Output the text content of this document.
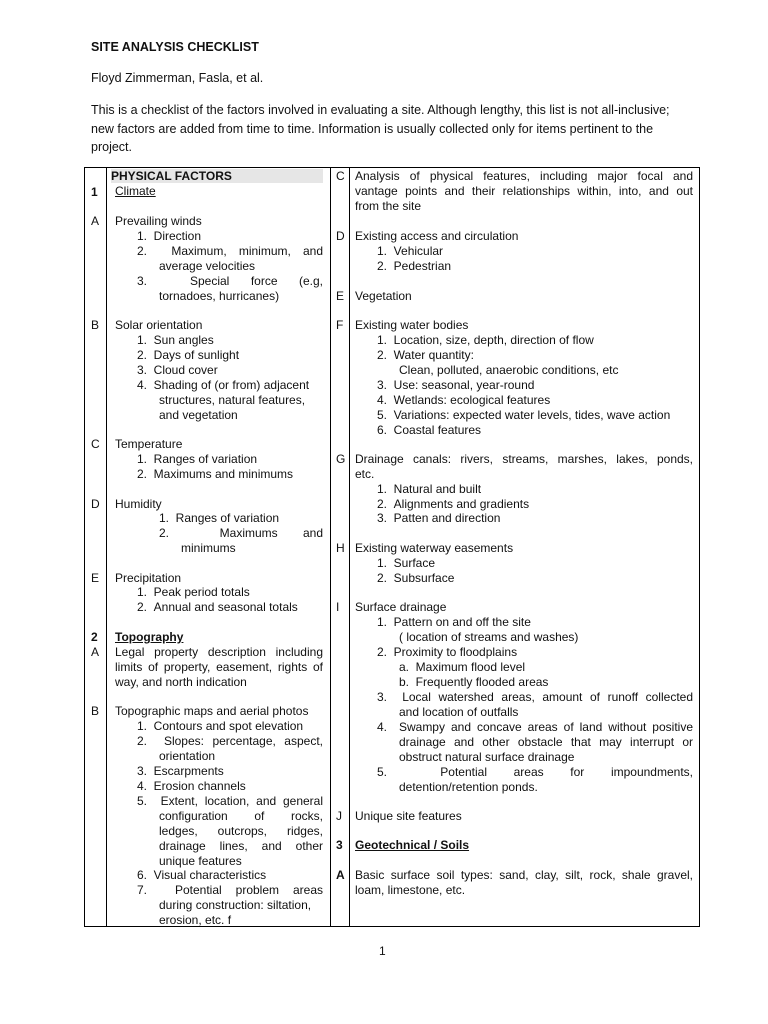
SITE ANALYSIS CHECKLIST
Floyd Zimmerman, Fasla, et al.
This is a checklist of the factors involved in evaluating a site. Although lengthy, this list is not all-inclusive; new factors are added from time to time. Information is usually collected only for items pertinent to the project.
PHYSICAL FACTORS
1 Climate
A Prevailing winds
1.  Direction
2.  Maximum, minimum, and
average velocities
3.  Special force (e.g,
tornadoes, hurricanes)
B Solar orientation
1.  Sun angles
2.  Days of sunlight
3.  Cloud cover
4.  Shading of (or from) adjacent
structures, natural features,
and vegetation
C Temperature
1.  Ranges of variation
2.  Maximums and minimums
D Humidity
1.  Ranges of variation
2.  Maximums and
minimums
E Precipitation
1.  Peak period totals
2.  Annual and seasonal totals
2 Topography
A Legal property description including
limits of property, easement, rights of
way, and north indication
B Topographic maps and aerial photos
1.  Contours and spot elevation
2.  Slopes: percentage, aspect,
orientation
3.  Escarpments
4.  Erosion channels
5.  Extent, location, and general
configuration of rocks,
ledges, outcrops, ridges,
drainage lines, and other
unique features
6.  Visual characteristics
7.  Potential problem areas
during construction: siltation,
erosion, etc. f
C Analysis of physical features, including major focal and
vantage points and their relationships within, into, and out
from the site
D Existing access and circulation
1.  Vehicular
2.  Pedestrian
E Vegetation
F Existing water bodies
1.  Location, size, depth, direction of flow
2.  Water quantity:
Clean, polluted, anaerobic conditions, etc
3.  Use: seasonal, year-round
4.  Wetlands: ecological features
5.  Variations: expected water levels, tides, wave action
6.  Coastal features
G Drainage canals: rivers, streams, marshes, lakes, ponds,
etc.
1.  Natural and built
2.  Alignments and gradients
3.  Patten and direction
H Existing waterway easements
1.  Surface
2.  Subsurface
I Surface drainage
1.  Pattern on and off the site
( location of streams and washes)
2.  Proximity to floodplains
a.  Maximum flood level
b.  Frequently flooded areas
3.  Local watershed areas, amount of runoff collected
and location of outfalls
4.  Swampy and concave areas of land without positive
drainage and other obstacle that may interrupt or
obstruct natural surface drainage
5.  Potential areas for impoundments,
detention/retention ponds.
J Unique site features
3 Geotechnical / Soils
A Basic surface soil types: sand, clay, silt, rock, shale gravel,
loam, limestone, etc.
1
